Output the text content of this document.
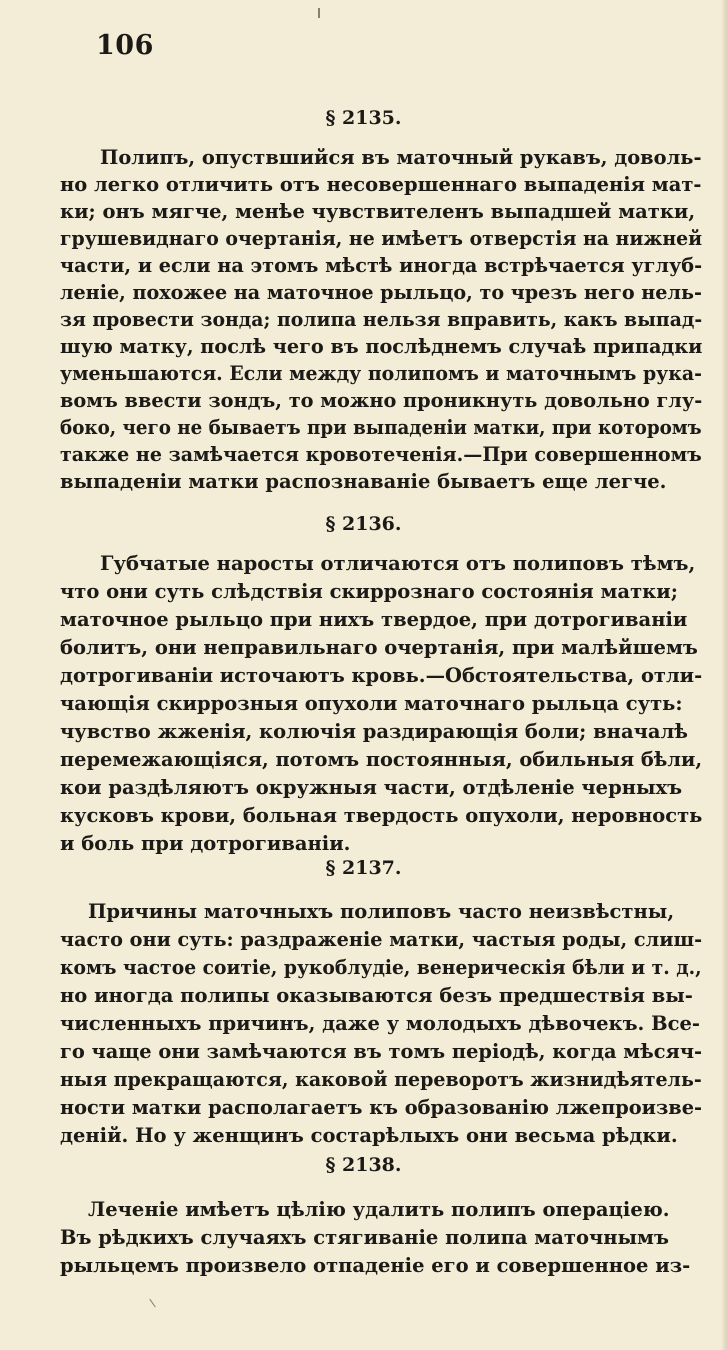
106
§ 2135.
Полипъ, опуствшийся въ маточный рукавъ, доволь-
но легко отличить отъ несовершеннаго выпаденія мат-
ки; онъ мягче, менѣе чувствителенъ выпадшей матки,
грушевиднаго очертанія, не имѣетъ отверстія на нижней
части, и если на этомъ мѣстѣ иногда встрѣчается углуб-
леніе, похожее на маточное рыльцо, то чрезъ него нель-
зя провести зонда; полипа нельзя вправить, какъ выпад-
шую матку, послѣ чего въ послѣднемъ случаѣ припадки
уменьшаются. Если между полипомъ и маточнымъ рука-
вомъ ввести зондъ, то можно проникнуть довольно глу-
боко, чего не бываетъ при выпаденіи матки, при которомъ
также не замѣчается кровотеченія.—При совершенномъ
выпаденіи матки распознаваніе бываетъ еще легче.
§ 2136.
Губчатые наросты отличаются отъ полиповъ тѣмъ,
что они суть слѣдствія скиррознаго состоянія матки;
маточное рыльцо при нихъ твердое, при дотрогиваніи
болитъ, они неправильнаго очертанія, при малѣйшемъ
дотрогиваніи источаютъ кровь.—Обстоятельства, отли-
чающія скиррозныя опухоли маточнаго рыльца суть:
чувство жженія, колючія раздирающія боли; вначалѣ
перемежающіяся, потомъ постоянныя, обильныя бѣли,
кои раздѣляютъ окружныя части, отдѣленіе черныхъ
кусковъ крови, больная твердость опухоли, неровность
и боль при дотрогиваніи.
§ 2137.
Причины маточныхъ полиповъ часто неизвѣстны,
часто они суть: раздраженіе матки, частыя роды, слиш-
комъ частое соитіе, рукоблудіе, венерическія бѣли и т. д.,
но иногда полипы оказываются безъ предшествія вы-
численныхъ причинъ, даже у молодыхъ дѣвочекъ. Все-
го чаще они замѣчаются въ томъ періодѣ, когда мѣсяч-
ныя прекращаются, каковой переворотъ жизнидѣятель-
ности матки располагаетъ къ образованію лжепроизве-
деній. Но у женщинъ состарѣлыхъ они весьма рѣдки.
§ 2138.
Леченіе имѣетъ цѣлію удалить полипъ операціею.
Въ рѣдкихъ случаяхъ стягиваніе полипа маточнымъ
рыльцемъ произвело отпаденіе его и совершенное из-
